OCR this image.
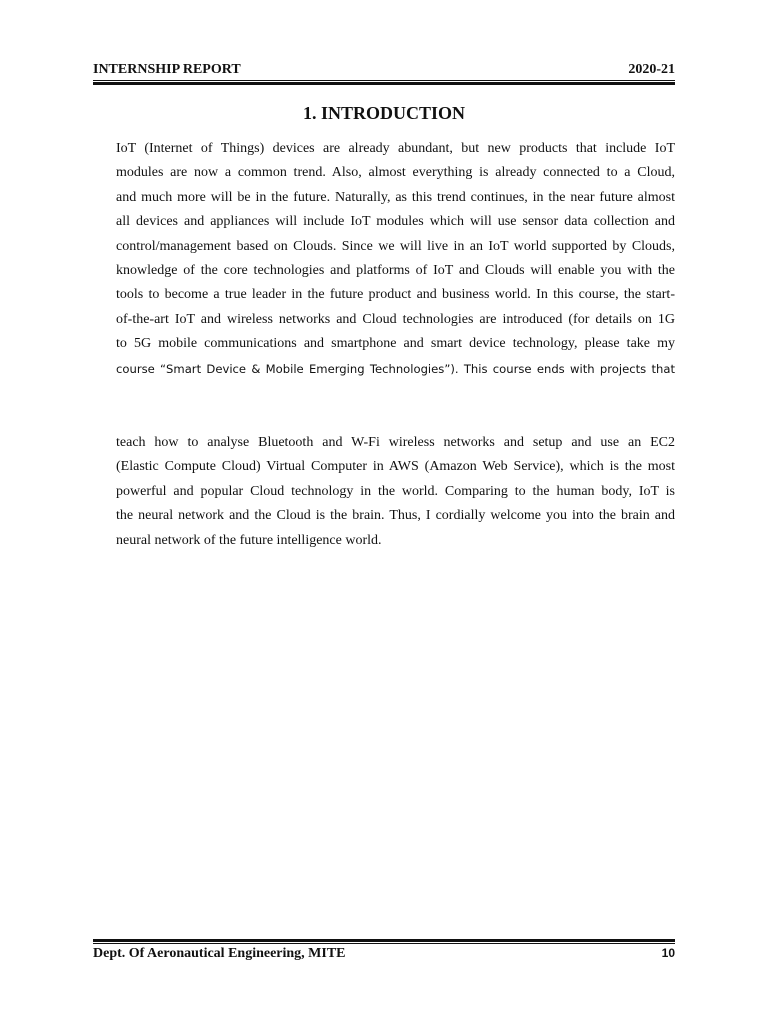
INTERNSHIP REPORT	2020-21
1. INTRODUCTION
IoT (Internet of Things) devices are already abundant, but new products that include IoT
modules are now a common trend. Also, almost everything is already connected to a Cloud,
and much more will be in the future. Naturally, as this trend continues, in the near future almost
all devices and appliances will include IoT modules which will use sensor data collection and
control/management based on Clouds. Since we will live in an IoT world supported by Clouds,
knowledge of the core technologies and platforms of IoT and Clouds will enable you with the
tools to become a true leader in the future product and business world. In this course, the start-
of-the-art IoT and wireless networks and Cloud technologies are introduced (for details on 1G
to 5G mobile communications and smartphone and smart device technology, please take my
course “Smart Device & Mobile Emerging Technologies”). This course ends with projects that
teach how to analyse Bluetooth and W-Fi wireless networks and setup and use an EC2
(Elastic Compute Cloud) Virtual Computer in AWS (Amazon Web Service), which is the most
powerful and popular Cloud technology in the world. Comparing to the human body, IoT is
the neural network and the Cloud is the brain. Thus, I cordially welcome you into the brain and
neural network of the future intelligence world.
Dept. Of Aeronautical Engineering, MITE	10
